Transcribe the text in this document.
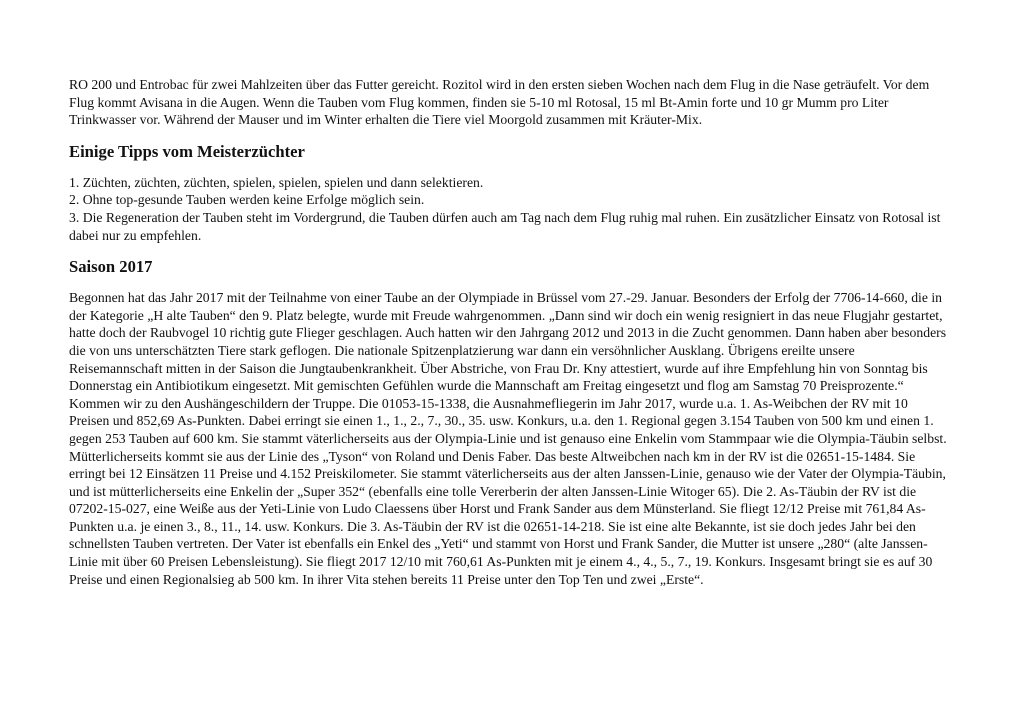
RO 200 und Entrobac für zwei Mahlzeiten über das Futter gereicht. Rozitol wird in den ersten sieben Wochen nach dem Flug in die Nase geträufelt. Vor dem Flug kommt Avisana in die Augen. Wenn die Tauben vom Flug kommen, finden sie 5-10 ml Rotosal, 15 ml Bt-Amin forte und 10 gr Mumm pro Liter Trinkwasser vor. Während der Mauser und im Winter erhalten die Tiere viel Moorgold zusammen mit Kräuter-Mix.

Einige Tipps vom Meisterzüchter

1. Züchten, züchten, züchten, spielen, spielen, spielen und dann selektieren.
2. Ohne top-gesunde Tauben werden keine Erfolge möglich sein.
3. Die Regeneration der Tauben steht im Vordergrund, die Tauben dürfen auch am Tag nach dem Flug ruhig mal ruhen. Ein zusätzlicher Einsatz von Rotosal ist dabei nur zu empfehlen.

Saison 2017

Begonnen hat das Jahr 2017 mit der Teilnahme von einer Taube an der Olympiade in Brüssel vom 27.-29. Januar. Besonders der Erfolg der 7706-14-660, die in der Kategorie „H alte Tauben“ den 9. Platz belegte, wurde mit Freude wahrgenommen. „Dann sind wir doch ein wenig resigniert in das neue Flugjahr gestartet, hatte doch der Raubvogel 10 richtig gute Flieger geschlagen. Auch hatten wir den Jahrgang 2012 und 2013 in die Zucht genommen. Dann haben aber besonders die von uns unterschätzten Tiere stark geflogen. Die nationale Spitzenplatzierung war dann ein versöhnlicher Ausklang. Übrigens ereilte unsere Reisemannschaft mitten in der Saison die Jungtaubenkrankheit. Über Abstriche, von Frau Dr. Kny attestiert, wurde auf ihre Empfehlung hin von Sonntag bis Donnerstag ein Antibiotikum eingesetzt. Mit gemischten Gefühlen wurde die Mannschaft am Freitag eingesetzt und flog am Samstag 70 Preisprozente.“ Kommen wir zu den Aushängeschildern der Truppe. Die 01053-15-1338, die Ausnahmefliegerin im Jahr 2017, wurde u.a. 1. As-Weibchen der RV mit 10 Preisen und 852,69 As-Punkten. Dabei erringt sie einen 1., 1., 2., 7., 30., 35. usw. Konkurs, u.a. den 1. Regional gegen 3.154 Tauben von 500 km und einen 1. gegen 253 Tauben auf 600 km. Sie stammt väterlicherseits aus der Olympia-Linie und ist genauso eine Enkelin vom Stammpaar wie die Olympia-Täubin selbst. Mütterlicherseits kommt sie aus der Linie des „Tyson“ von Roland und Denis Faber. Das beste Altweibchen nach km in der RV ist die 02651-15-1484. Sie erringt bei 12 Einsätzen 11 Preise und 4.152 Preiskilometer. Sie stammt väterlicherseits aus der alten Janssen-Linie, genauso wie der Vater der Olympia-Täubin, und ist mütterlicherseits eine Enkelin der „Super 352“ (ebenfalls eine tolle Vererberin der alten Janssen-Linie Witoger 65). Die 2. As-Täubin der RV ist die 07202-15-027, eine Weiße aus der Yeti-Linie von Ludo Claessens über Horst und Frank Sander aus dem Münsterland. Sie fliegt 12/12 Preise mit 761,84 As-Punkten u.a. je einen 3., 8., 11., 14. usw. Konkurs. Die 3. As-Täubin der RV ist die 02651-14-218. Sie ist eine alte Bekannte, ist sie doch jedes Jahr bei den schnellsten Tauben vertreten. Der Vater ist ebenfalls ein Enkel des „Yeti“ und stammt von Horst und Frank Sander, die Mutter ist unsere „280“ (alte Janssen-Linie mit über 60 Preisen Lebensleistung). Sie fliegt 2017 12/10 mit 760,61 As-Punkten mit je einem 4., 4., 5., 7., 19. Konkurs. Insgesamt bringt sie es auf 30 Preise und einen Regionalsieg ab 500 km. In ihrer Vita stehen bereits 11 Preise unter den Top Ten und zwei „Erste“.
